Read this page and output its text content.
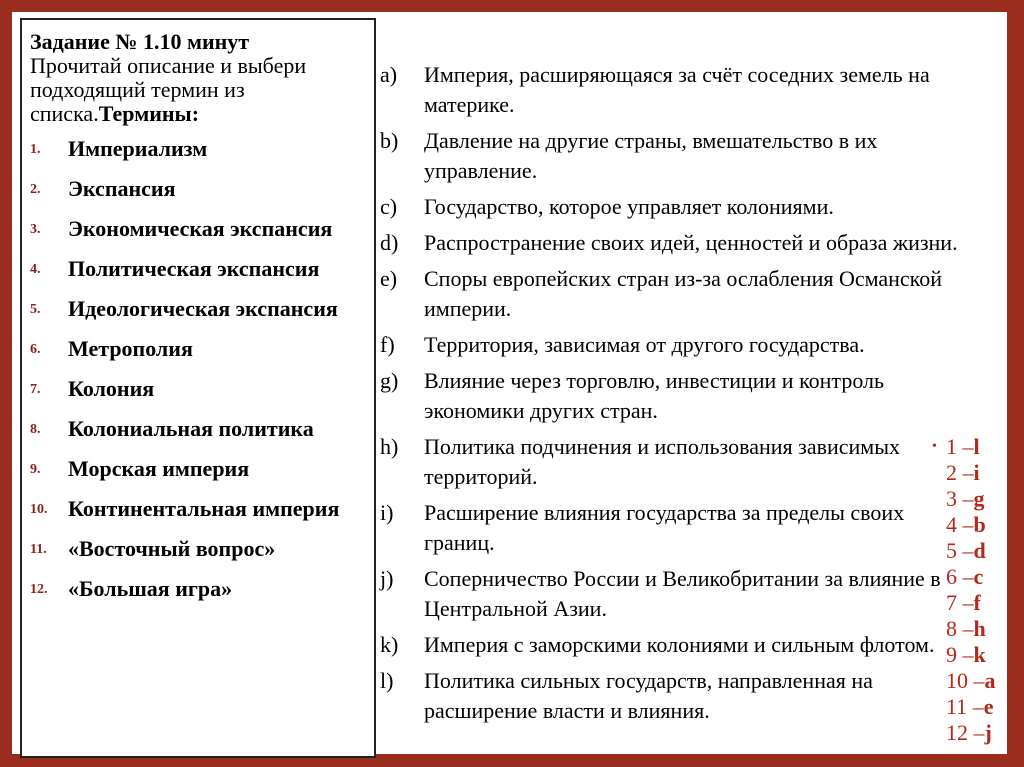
Задание № 1.10 минут
Прочитай описание и выбери подходящий термин из списка.Термины:
1.	Империализм
2.	Экспансия
3.	Экономическая экспансия
4.	Политическая экспансия
5.	Идеологическая экспансия
6.	Метрополия
7.	Колония
8.	Колониальная политика
9.	Морская империя
10. Континентальная империя
11. «Восточный вопрос»
12. «Большая игра»
a)	Империя, расширяющаяся за счёт соседних земель на материке.
b)	Давление на другие страны, вмешательство в их управление.
c)	Государство, которое управляет колониями.
d)	Распространение своих идей, ценностей и образа жизни.
e)	Споры европейских стран из-за ослабления Османской империи.
f)	Территория, зависимая от другого государства.
g)	Влияние через торговлю, инвестиции и контроль экономики других стран.
h)	Политика подчинения и использования зависимых территорий.
i)	Расширение влияния государства за пределы своих границ.
j)	Соперничество России и Великобритании за влияние в Центральной Азии.
k)	Империя с заморскими колониями и сильным флотом.
l)	Политика сильных государств, направленная на расширение власти и влияния.
• 1 – l
2 – i
3 – g
4 – b
5 – d
6 – c
7 – f
8 – h
9 – k
10 – a
11 – e
12 – j
